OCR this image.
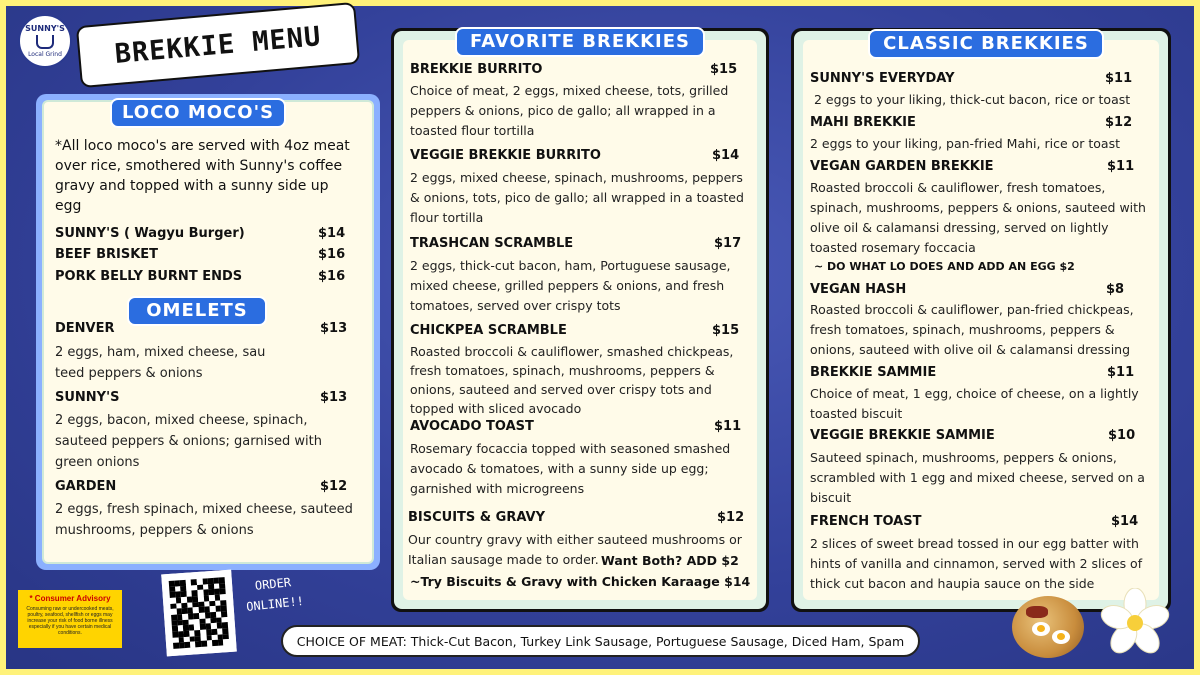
SUNNY'S
Local Grind BREKKIE MENU
LOCO MOCO'S
*All loco moco's are served with 4oz meat over rice, smothered with Sunny's coffee gravy and topped with a sunny side up egg
SUNNY'S ( Wagyu Burger)	$14
BEEF BRISKET	$16
PORK BELLY BURNT ENDS	$16
OMELETS
DENVER	$13
2 eggs, ham, mixed cheese, sau teed peppers & onions
SUNNY'S	$13
2 eggs, bacon, mixed cheese, spinach, sauteed peppers & onions; garnised with green onions
GARDEN	$12
2 eggs, fresh spinach, mixed cheese, sauteed mushrooms, peppers & onions
FAVORITE BREKKIES
BREKKIE BURRITO	$15
Choice of meat, 2 eggs, mixed cheese, tots, grilled peppers & onions, pico de gallo; all wrapped in a toasted flour tortilla
VEGGIE BREKKIE BURRITO	$14
2 eggs, mixed cheese, spinach, mushrooms, peppers & onions, tots, pico de gallo; all wrapped in a toasted flour tortilla
TRASHCAN SCRAMBLE	$17
2 eggs, thick-cut bacon, ham, Portuguese sausage, mixed cheese, grilled peppers & onions, and fresh tomatoes, served over crispy tots
CHICKPEA SCRAMBLE	$15
Roasted broccoli & cauliflower, smashed chickpeas, fresh tomatoes, spinach, mushrooms, peppers & onions, sauteed and served over crispy tots and topped with sliced avocado
AVOCADO TOAST	$11
Rosemary focaccia topped with seasoned smashed avocado & tomatoes, with a sunny side up egg; garnished with microgreens
BISCUITS & GRAVY	$12
Our country gravy with either sauteed mushrooms or Italian sausage made to order. Want Both? ADD $2
~Try Biscuits & Gravy with Chicken Karaage $14
CLASSIC BREKKIES
SUNNY'S EVERYDAY	$11
2 eggs to your liking, thick-cut bacon, rice or toast
MAHI BREKKIE	$12
2 eggs to your liking, pan-fried Mahi, rice or toast
VEGAN GARDEN BREKKIE	$11
Roasted broccoli & cauliflower, fresh tomatoes, spinach, mushrooms, peppers & onions, sauteed with olive oil & calamansi dressing, served on lightly toasted rosemary foccacia
~ DO WHAT LO DOES AND ADD AN EGG $2
VEGAN HASH	$8
Roasted broccoli & cauliflower, pan-fried chickpeas, fresh tomatoes, spinach, mushrooms, peppers & onions, sauteed with olive oil & calamansi dressing
BREKKIE SAMMIE	$11
Choice of meat, 1 egg, choice of cheese, on a lightly toasted biscuit
VEGGIE BREKKIE SAMMIE	$10
Sauteed spinach, mushrooms, peppers & onions, scrambled with 1 egg and mixed cheese, served on a biscuit
FRENCH TOAST	$14
2 slices of sweet bread tossed in our egg batter with hints of vanilla and cinnamon, served with 2 slices of thick cut bacon and haupia sauce on the side
* Consumer Advisory
Consuming raw or undercooked meats, poultry, seafood, shellfish or eggs may increase your risk of food borne illness especially if you have certain medical conditions.
ORDER ONLINE!!
CHOICE OF MEAT: Thick-Cut Bacon, Turkey Link Sausage, Portuguese Sausage, Diced Ham, Spam
